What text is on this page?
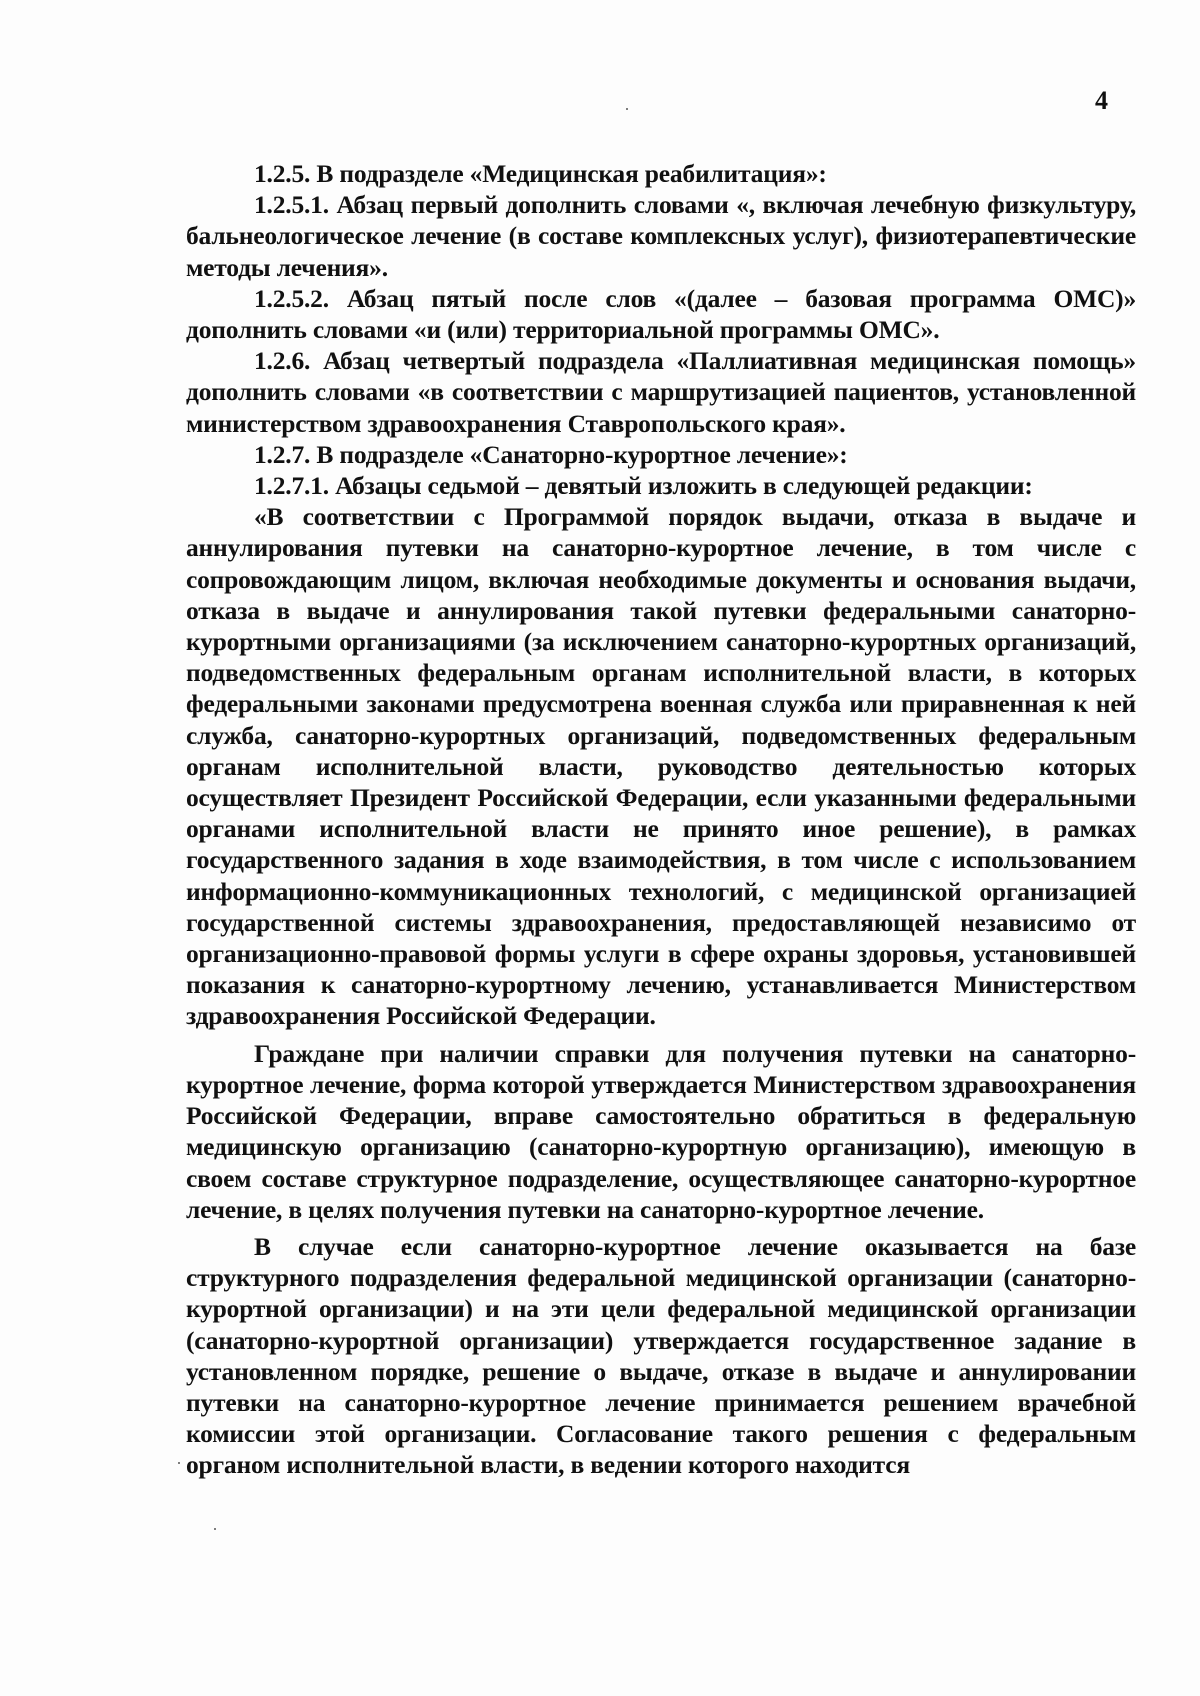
4

1.2.5. В подразделе «Медицинская реабилитация»:

1.2.5.1. Абзац первый дополнить словами «, включая лечебную физкультуру, бальнеологическое лечение (в составе комплексных услуг), физиотерапевтические методы лечения».

1.2.5.2. Абзац пятый после слов «(далее – базовая программа ОМС)» дополнить словами «и (или) территориальной программы ОМС».

1.2.6. Абзац четвертый подраздела «Паллиативная медицинская помощь» дополнить словами «в соответствии с маршрутизацией пациентов, установленной министерством здравоохранения Ставропольского края».

1.2.7. В подразделе «Санаторно-курортное лечение»:

1.2.7.1. Абзацы седьмой – девятый изложить в следующей редакции:

«В соответствии с Программой порядок выдачи, отказа в выдаче и аннулирования путевки на санаторно-курортное лечение, в том числе с сопровождающим лицом, включая необходимые документы и основания выдачи, отказа в выдаче и аннулирования такой путевки федеральными санаторно-курортными организациями (за исключением санаторно-курортных организаций, подведомственных федеральным органам исполнительной власти, в которых федеральными законами предусмотрена военная служба или приравненная к ней служба, санаторно-курортных организаций, подведомственных федеральным органам исполнительной власти, руководство деятельностью которых осуществляет Президент Российской Федерации, если указанными федеральными органами исполнительной власти не принято иное решение), в рамках государственного задания в ходе взаимодействия, в том числе с использованием информационно-коммуникационных технологий, с медицинской организацией государственной системы здравоохранения, предоставляющей независимо от организационно-правовой формы услуги в сфере охраны здоровья, установившей показания к санаторно-курортному лечению, устанавливается Министерством здравоохранения Российской Федерации.

Граждане при наличии справки для получения путевки на санаторно-курортное лечение, форма которой утверждается Министерством здравоохранения Российской Федерации, вправе самостоятельно обратиться в федеральную медицинскую организацию (санаторно-курортную организацию), имеющую в своем составе структурное подразделение, осуществляющее санаторно-курортное лечение, в целях получения путевки на санаторно-курортное лечение.

В случае если санаторно-курортное лечение оказывается на базе структурного подразделения федеральной медицинской организации (санаторно-курортной организации) и на эти цели федеральной медицинской организации (санаторно-курортной организации) утверждается государственное задание в установленном порядке, решение о выдаче, отказе в выдаче и аннулировании путевки на санаторно-курортное лечение принимается решением врачебной комиссии этой организации. Согласование такого решения с федеральным органом исполнительной власти, в ведении которого находится
